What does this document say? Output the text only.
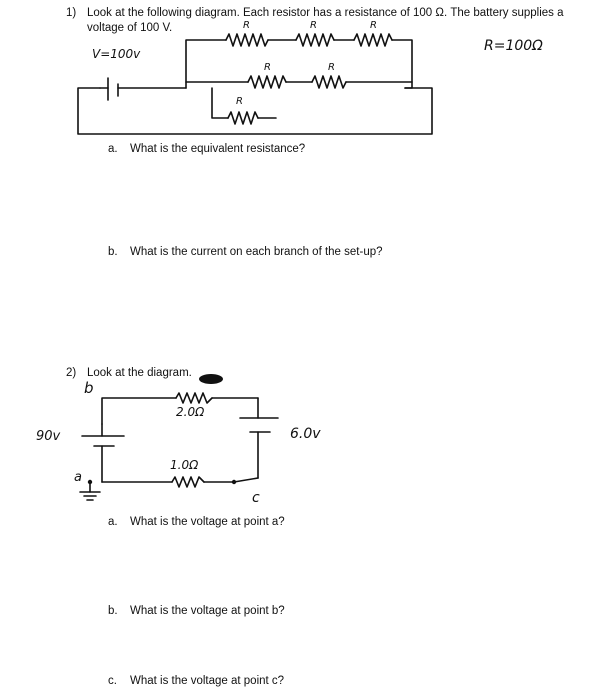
1) Look at the following diagram. Each resistor has a resistance of 100 Ω. The battery supplies a voltage of 100 V.
V=100v	R=100Ω
R	R	R
R	R
R
a. What is the equivalent resistance?
b. What is the current on each branch of the set-up?
2) Look at the diagram.
b
a
c
2.0Ω
1.0Ω
90v	6.0v
a. What is the voltage at point a?
b. What is the voltage at point b?
c. What is the voltage at point c?
